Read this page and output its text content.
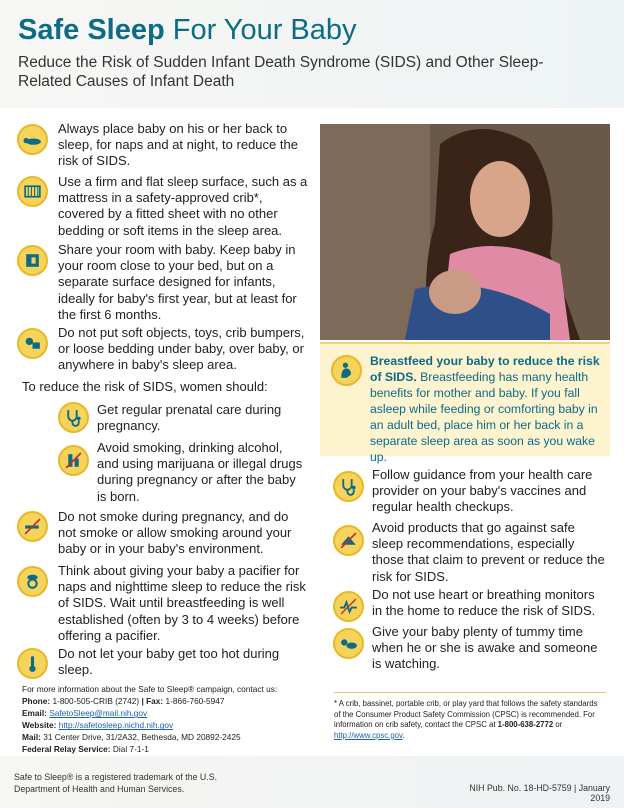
Safe Sleep For Your Baby
Reduce the Risk of Sudden Infant Death Syndrome (SIDS) and Other Sleep-Related Causes of Infant Death
Always place baby on his or her back to sleep, for naps and at night, to reduce the risk of SIDS.
Use a firm and flat sleep surface, such as a mattress in a safety-approved crib*, covered by a fitted sheet with no other bedding or soft items in the sleep area.
Share your room with baby. Keep baby in your room close to your bed, but on a separate surface designed for infants, ideally for baby's first year, but at least for the first 6 months.
Do not put soft objects, toys, crib bumpers, or loose bedding under baby, over baby, or anywhere in baby's sleep area.
To reduce the risk of SIDS, women should:
Get regular prenatal care during pregnancy.
Avoid smoking, drinking alcohol, and using marijuana or illegal drugs during pregnancy or after the baby is born.
Do not smoke during pregnancy, and do not smoke or allow smoking around your baby or in your baby's environment.
Think about giving your baby a pacifier for naps and nighttime sleep to reduce the risk of SIDS. Wait until breastfeeding is well established (often by 3 to 4 weeks) before offering a pacifier.
Do not let your baby get too hot during sleep.
Breastfeed your baby to reduce the risk of SIDS. Breastfeeding has many health benefits for mother and baby. If you fall asleep while feeding or comforting baby in an adult bed, place him or her back in a separate sleep area as soon as you wake up.
Follow guidance from your health care provider on your baby's vaccines and regular health checkups.
Avoid products that go against safe sleep recommendations, especially those that claim to prevent or reduce the risk for SIDS.
Do not use heart or breathing monitors in the home to reduce the risk of SIDS.
Give your baby plenty of tummy time when he or she is awake and someone is watching.
For more information about the Safe to Sleep® campaign, contact us:
Phone: 1-800-505-CRIB (2742) | Fax: 1-866-760-5947
Email: SafetoSleep@mail.nih.gov
Website: http://safetosleep.nichd.nih.gov
Mail: 31 Center Drive, 31/2A32, Bethesda, MD 20892-2425
Federal Relay Service: Dial 7-1-1
* A crib, bassinet, portable crib, or play yard that follows the safety standards of the Consumer Product Safety Commission (CPSC) is recommended. For information on crib safety, contact the CPSC at 1-800-638-2772 or http://www.cpsc.gov.
Safe to Sleep® is a registered trademark of the U.S. Department of Health and Human Services.	NIH Pub. No. 18-HD-5759 | January 2019
